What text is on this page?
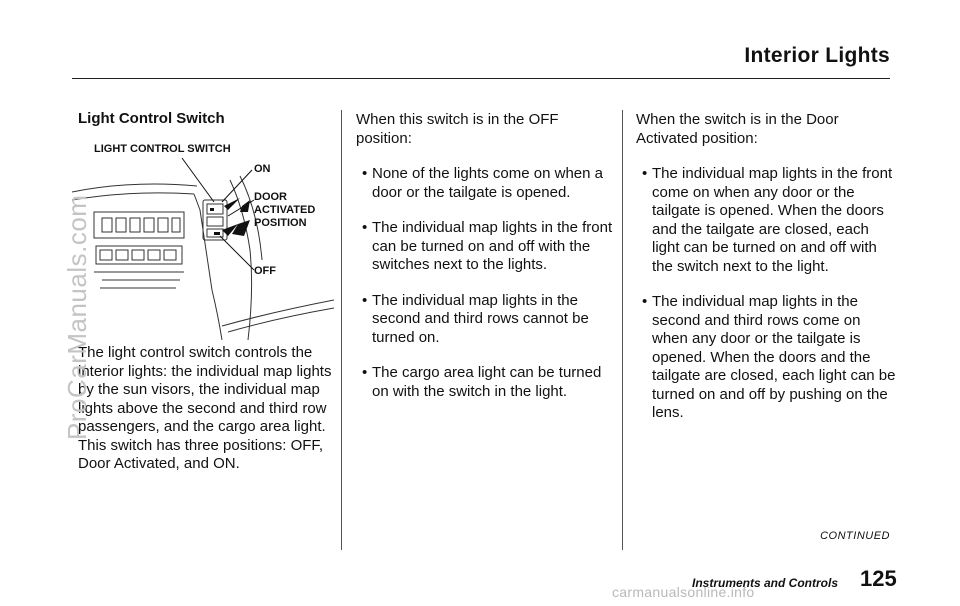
Interior Lights
Light Control Switch
LIGHT CONTROL SWITCH
ON
DOOR
ACTIVATED
POSITION
OFF
The light control switch controls the interior lights: the individual map lights by the sun visors, the individual map lights above the second and third row passengers, and the cargo area light. This switch has three positions: OFF, Door Activated, and ON.

When this switch is in the OFF position:

• None of the lights come on when a door or the tailgate is opened.
• The individual map lights in the front can be turned on and off with the switches next to the lights.
• The individual map lights in the second and third rows cannot be turned on.
• The cargo area light can be turned on with the switch in the light.

When the switch is in the Door Activated position:

• The individual map lights in the front come on when any door or the tailgate is opened. When the doors and the tailgate are closed, each light can be turned on and off with the switch next to the light.
• The individual map lights in the second and third rows come on when any door or the tailgate is opened. When the doors and the tailgate are closed, each light can be turned on and off by pushing on the lens.
CONTINUED
Instruments and Controls 125
ProCarManuals.com
carmanualsonline.info
